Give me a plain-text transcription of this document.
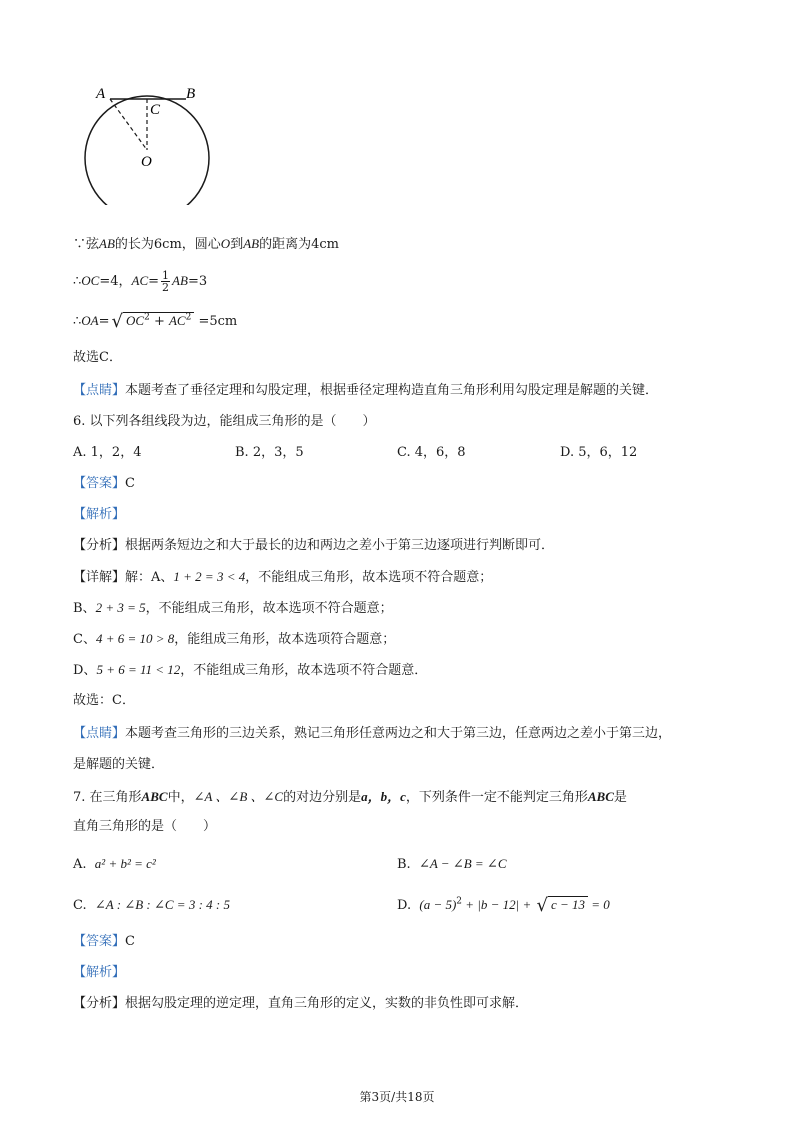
A	B
C
O
∵弦AB的长为6cm，圆心O到AB的距离为4cm
∴OC=4，$AC= \frac{1}{2} AB=3$
∴OA= √ $OC^2 + AC^2 =5cm$
故选C．
【点睛】本题考查了垂径定理和勾股定理，根据垂径定理构造直角三角形利用勾股定理是解题的关键．
6. 以下列各组线段为边，能组成三角形的是（　　）
A. 1，2，4	B. 2，3，5	C. 4，6，8	D. 5，6，12
【答案】C
【解析】
【分析】根据两条短边之和大于最长的边和两边之差小于第三边逐项进行判断即可．
【详解】解：A、1 + 2 = 3 < 4，不能组成三角形，故本选项不符合题意；
B、2 + 3 = 5，不能组成三角形，故本选项不符合题意；
C、4 + 6 = 10 > 8，能组成三角形，故本选项符合题意；
D、5 + 6 = 11 < 12，不能组成三角形，故本选项不符合题意．
故选：C．
【点睛】本题考查三角形的三边关系，熟记三角形任意两边之和大于第三边，任意两边之差小于第三边，
是解题的关键．
7. 在三角形ABC中，∠A 、∠B 、∠C的对边分别是a，b，c，下列条件一定不能判定三角形ABC是
直角三角形的是（　　）
A. a² + b² = c²	B. ∠A − ∠B = ∠C
C. ∠A : ∠B : ∠C = 3 : 4 : 5	D. $(a - 5)^2 + |b - 12|$ + √ c − 13 = 0
【答案】C
【解析】
【分析】根据勾股定理的逆定理，直角三角形的定义，实数的非负性即可求解．
第3页/共18页
